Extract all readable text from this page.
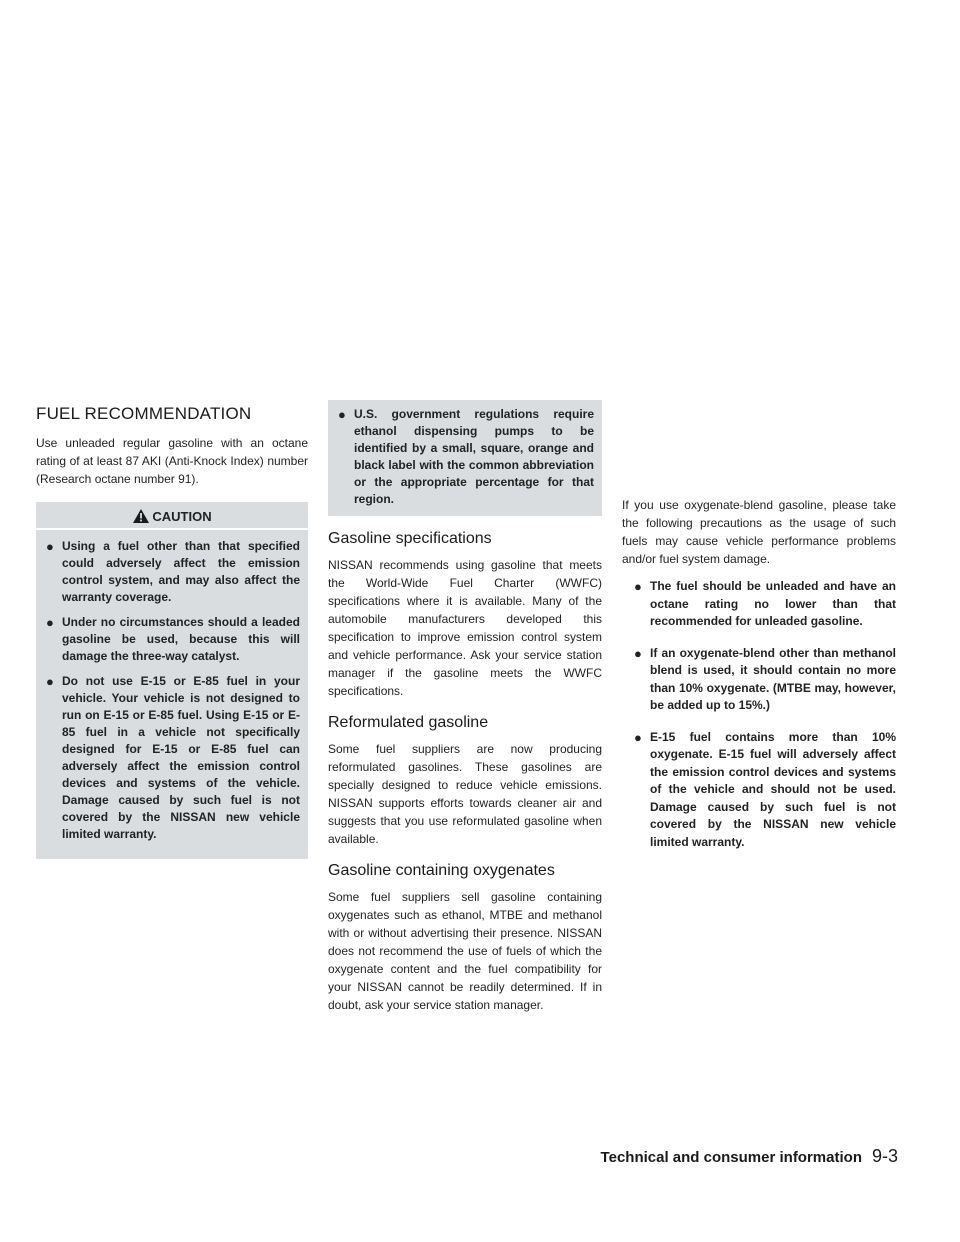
FUEL RECOMMENDATION

Use unleaded regular gasoline with an octane rating of at least 87 AKI (Anti-Knock Index) number (Research octane number 91).

CAUTION
● Using a fuel other than that specified could adversely affect the emission control system, and may also affect the warranty coverage.
● Under no circumstances should a leaded gasoline be used, because this will damage the three-way catalyst.
● Do not use E-15 or E-85 fuel in your vehicle. Your vehicle is not designed to run on E-15 or E-85 fuel. Using E-15 or E-85 fuel in a vehicle not specifically designed for E-15 or E-85 fuel can adversely affect the emission control devices and systems of the vehicle. Damage caused by such fuel is not covered by the NISSAN new vehicle limited warranty.
● U.S. government regulations require ethanol dispensing pumps to be identified by a small, square, orange and black label with the common abbreviation or the appropriate percentage for that region.
Gasoline specifications

NISSAN recommends using gasoline that meets the World-Wide Fuel Charter (WWFC) specifications where it is available. Many of the automobile manufacturers developed this specification to improve emission control system and vehicle performance. Ask your service station manager if the gasoline meets the WWFC specifications.

Reformulated gasoline

Some fuel suppliers are now producing reformulated gasolines. These gasolines are specially designed to reduce vehicle emissions. NISSAN supports efforts towards cleaner air and suggests that you use reformulated gasoline when available.

Gasoline containing oxygenates

Some fuel suppliers sell gasoline containing oxygenates such as ethanol, MTBE and methanol with or without advertising their presence. NISSAN does not recommend the use of fuels of which the oxygenate content and the fuel compatibility for your NISSAN cannot be readily determined. If in doubt, ask your service station manager.

If you use oxygenate-blend gasoline, please take the following precautions as the usage of such fuels may cause vehicle performance problems and/or fuel system damage.

● The fuel should be unleaded and have an octane rating no lower than that recommended for unleaded gasoline.
● If an oxygenate-blend other than methanol blend is used, it should contain no more than 10% oxygenate. (MTBE may, however, be added up to 15%.)
● E-15 fuel contains more than 10% oxygenate. E-15 fuel will adversely affect the emission control devices and systems of the vehicle and should not be used. Damage caused by such fuel is not covered by the NISSAN new vehicle limited warranty.
Technical and consumer information 9-3
